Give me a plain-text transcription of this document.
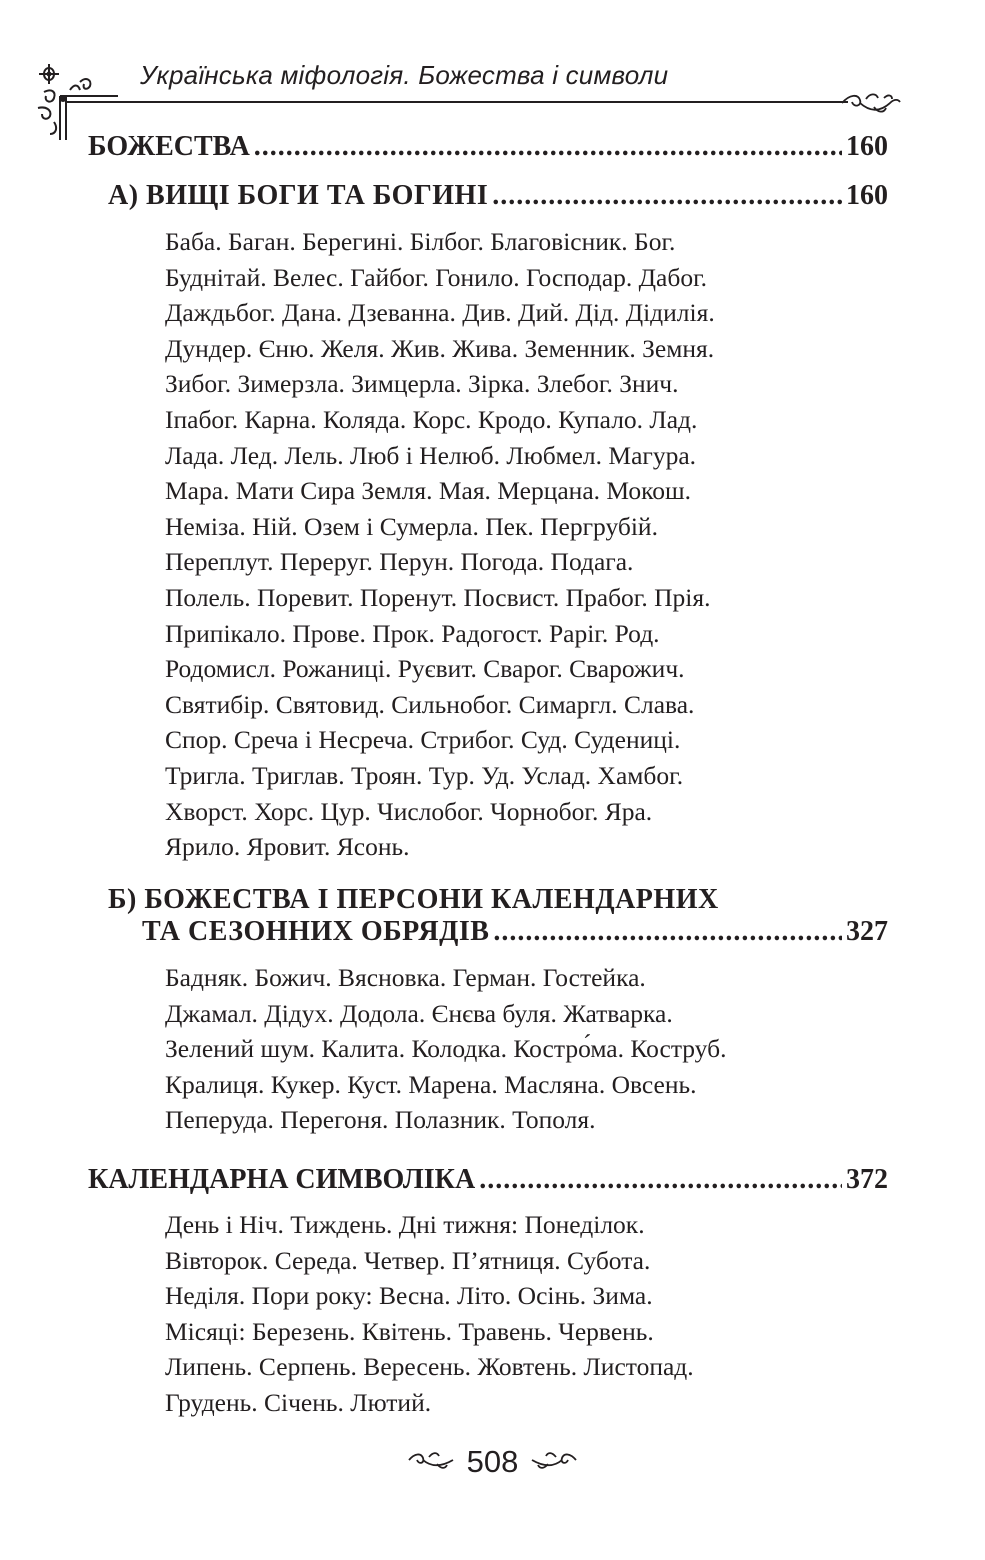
Українська міфологія. Божества і символи
БОЖЕСТВА .....	160
А) ВИЩІ БОГИ ТА БОГИНІ .....	160
Баба. Баган. Берегині. Білбог. Благовісник. Бог.
Буднітай. Велес. Гайбог. Гонило. Господар. Дабог.
Даждьбог. Дана. Дзеванна. Див. Дий. Дід. Дідилія.
Дундер. Єню. Желя. Жив. Жива. Земенник. Земня.
Зибог. Зимерзла. Зимцерла. Зірка. Злебог. Знич.
Іпабог. Карна. Коляда. Корс. Кродо. Купало. Лад.
Лада. Лед. Лель. Люб і Нелюб. Любмел. Магура.
Мара. Мати Сира Земля. Мая. Мерцана. Мокош.
Неміза. Ній. Озем і Сумерла. Пек. Пергрубій.
Переплут. Переруг. Перун. Погода. Подага.
Полель. Поревит. Поренут. Посвист. Прабог. Прія.
Припікало. Прове. Прок. Радогост. Раріг. Род.
Родомисл. Рожаниці. Руєвит. Сварог. Сварожич.
Святибір. Святовид. Сильнобог. Симаргл. Слава.
Спор. Среча і Несреча. Стрибог. Суд. Судениці.
Тригла. Триглав. Троян. Тур. Уд. Услад. Хамбог.
Хворст. Хорс. Цур. Числобог. Чорнобог. Яра.
Ярило. Яровит. Ясонь.
Б) БОЖЕСТВА І ПЕРСОНИ КАЛЕНДАРНИХ
ТА СЕЗОННИХ ОБРЯДІВ .....	327
Бадняк. Божич. Вясновка. Герман. Гостейка.
Джамал. Дідух. Додола. Єнєва буля. Жатварка.
Зелений шум. Калита. Колодка. Костро́ма. Коструб.
Кралиця. Кукер. Куст. Марена. Масляна. Овсень.
Пеперуда. Перегоня. Полазник. Тополя.
КАЛЕНДАРНА СИМВОЛІКА .....	372
День і Ніч. Тиждень. Дні тижня: Понеділок.
Вівторок. Середа. Четвер. П’ятниця. Субота.
Неділя. Пори року: Весна. Літо. Осінь. Зима.
Місяці: Березень. Квітень. Травень. Червень.
Липень. Серпень. Вересень. Жовтень. Листопад.
Грудень. Січень. Лютий.
508
